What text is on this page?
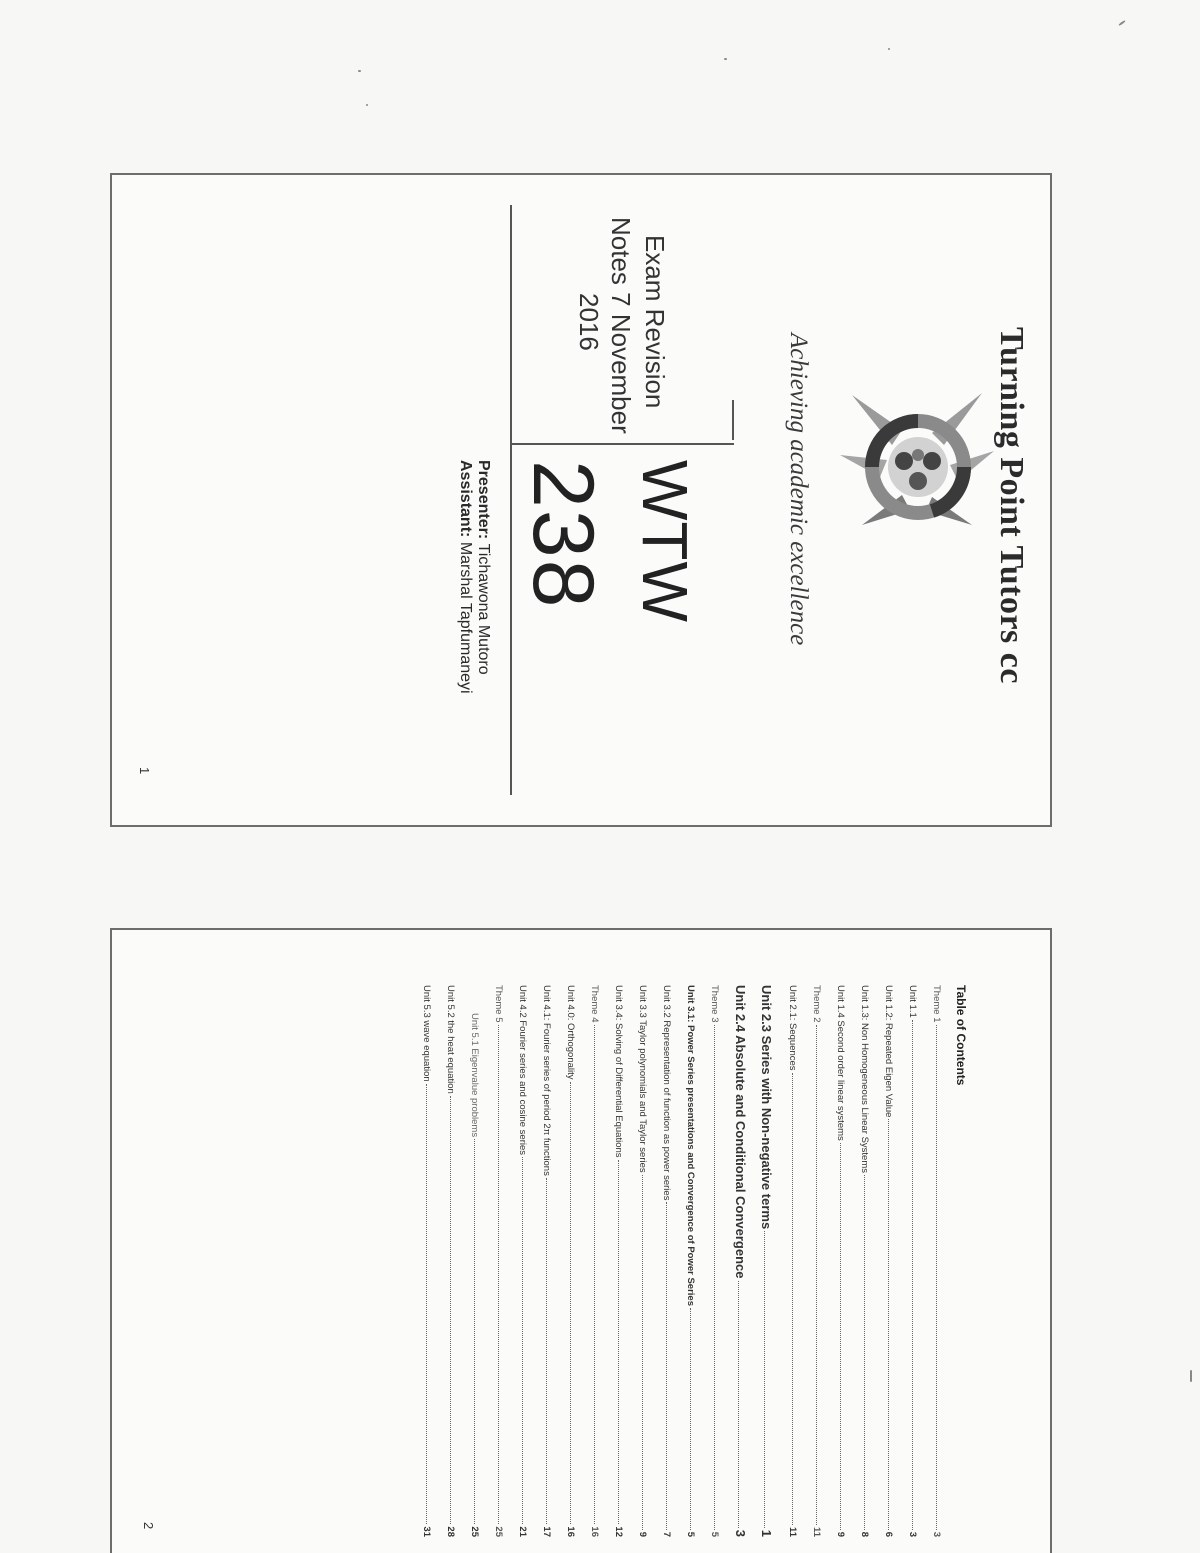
Turning Point Tutors cc
Achieving academic excellence
Exam Revision
Notes 7 November
2016
WTW
238
Presenter: Tichawona Mutoro
Assistant: Marshal Tapfumaneyi
1
Table of Contents
Theme 1
3
Unit 1.1
3
Unit 1.2: Repeated Eigen Value
6
Unit 1.3: Non Homogeneous Linear Systems
8
Unit 1.4 Second order linear systems
9
Theme 2
11
Unit 2.1: Sequences
11
Unit 2.3 Series with Non-negative terms
1
Unit 2.4 Absolute and Conditional Convergence
3
Theme 3
5
Unit 3.1: Power Series presentations and Convergence of Power Series
5
Unit 3.2 Representation of function as power series
7
Unit 3.3 Taylor polynomials and Taylor series
9
Unit 3.4: Solving of Differential Equations
12
Theme 4
16
Unit 4.0: Orthogonality
16
Unit 4.1: Fourier series of period 2π functions
17
Unit 4.2 Fourier series and cosine series
21
Theme 5
25
Unit 5.1 Eigenvalue problems
25
Unit 5.2 the heat equation
28
Unit 5.3 wave equation
31
2
